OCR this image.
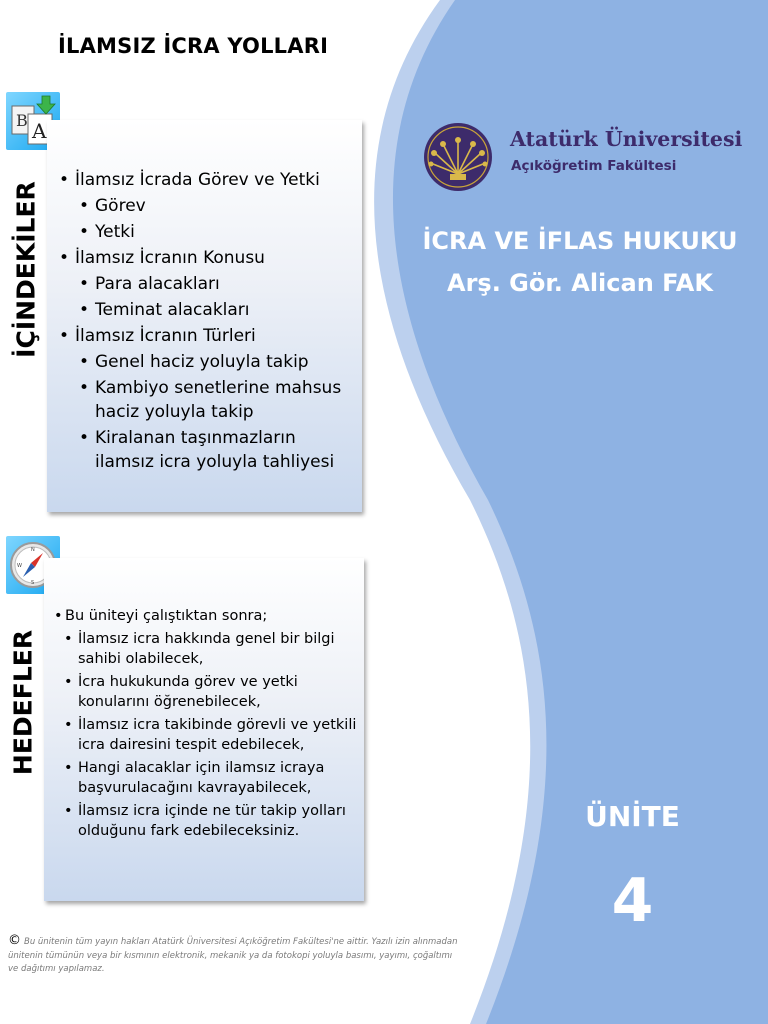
İLAMSIZ İCRA YOLLARI
B A
İÇİNDEKİLER
• İlamsız İcrada Görev ve Yetki
• Görev
• Yetki
• İlamsız İcranın Konusu
• Para alacakları
• Teminat alacakları
• İlamsız İcranın Türleri
• Genel haciz yoluyla takip
• Kambiyo senetlerine mahsus haciz yoluyla takip
• Kiralanan taşınmazların ilamsız icra yoluyla tahliyesi
N
S
W
HEDEFLER
• Bu üniteyi çalıştıktan sonra;
• İlamsız icra hakkında genel bir bilgi sahibi olabilecek,
• İcra hukukunda görev ve yetki konularını öğrenebilecek,
• İlamsız icra takibinde görevli ve yetkili icra dairesini tespit edebilecek,
• Hangi alacaklar için ilamsız icraya başvurulacağını kavrayabilecek,
• İlamsız icra içinde ne tür takip yolları olduğunu fark edebileceksiniz.
Atatürk Üniversitesi
Açıköğretim Fakültesi
İCRA VE İFLAS HUKUKU
Arş. Gör. Alican FAK
ÜNİTE
4
© Bu ünitenin tüm yayın hakları Atatürk Üniversitesi Açıköğretim Fakültesi'ne aittir. Yazılı izin alınmadan ünitenin tümünün veya bir kısmının elektronik, mekanik ya da fotokopi yoluyla basımı, yayımı, çoğaltımı ve dağıtımı yapılamaz.
